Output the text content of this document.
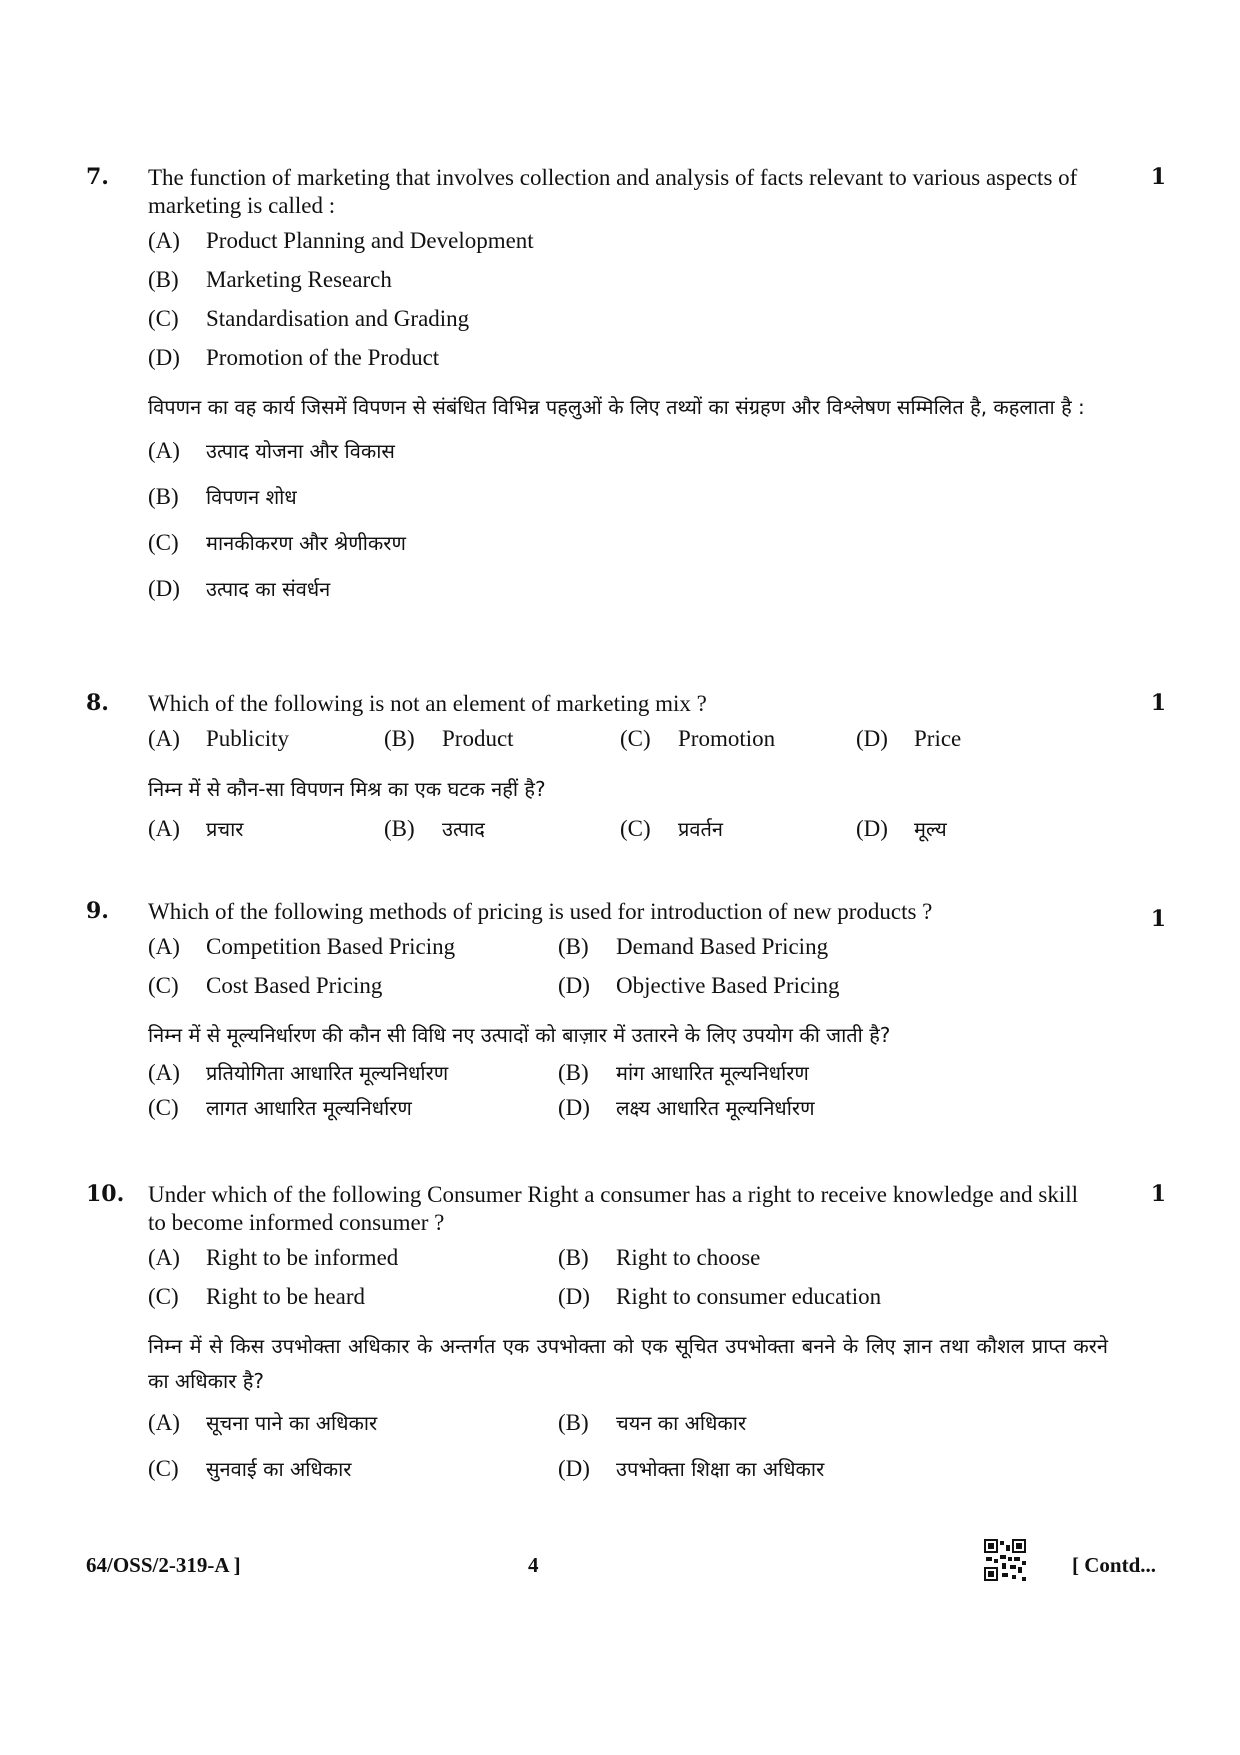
7.	1
The function of marketing that involves collection and analysis of facts relevant to various aspects of marketing is called :
(A)	Product Planning and Development
(B)	Marketing Research
(C)	Standardisation and Grading
(D)	Promotion of the Product
विपणन का वह कार्य जिसमें विपणन से संबंधित विभिन्न पहलुओं के लिए तथ्यों का संग्रहण और विश्लेषण सम्मिलित है, कहलाता है :
(A)	उत्पाद योजना और विकास
(B)	विपणन शोध
(C)	मानकीकरण और श्रेणीकरण
(D)	उत्पाद का संवर्धन
8.	1
Which of the following is not an element of marketing mix ?
(A)	Publicity	(B)	Product	(C)	Promotion	(D)	Price
निम्न में से कौन-सा विपणन मिश्र का एक घटक नहीं है?
(A)	प्रचार	(B)	उत्पाद	(C)	प्रवर्तन	(D)	मूल्य
9.	1
Which of the following methods of pricing is used for introduction of new products ?
(A)	Competition Based Pricing	(B)	Demand Based Pricing
(C)	Cost Based Pricing	(D)	Objective Based Pricing
निम्न में से मूल्यनिर्धारण की कौन सी विधि नए उत्पादों को बाज़ार में उतारने के लिए उपयोग की जाती है?
(A)	प्रतियोगिता आधारित मूल्यनिर्धारण	(B)	मांग आधारित मूल्यनिर्धारण
(C)	लागत आधारित मूल्यनिर्धारण	(D)	लक्ष्य आधारित मूल्यनिर्धारण
10.	1
Under which of the following Consumer Right a consumer has a right to receive knowledge and skill to become informed consumer ?
(A)	Right to be informed	(B)	Right to choose
(C)	Right to be heard	(D)	Right to consumer education
निम्न में से किस उपभोक्ता अधिकार के अन्तर्गत एक उपभोक्ता को एक सूचित उपभोक्ता बनने के लिए ज्ञान तथा कौशल प्राप्त करने का अधिकार है?
(A)	सूचना पाने का अधिकार	(B)	चयन का अधिकार
(C)	सुनवाई का अधिकार	(D)	उपभोक्ता शिक्षा का अधिकार
64/OSS/2-319-A ]	4	[ Contd...
